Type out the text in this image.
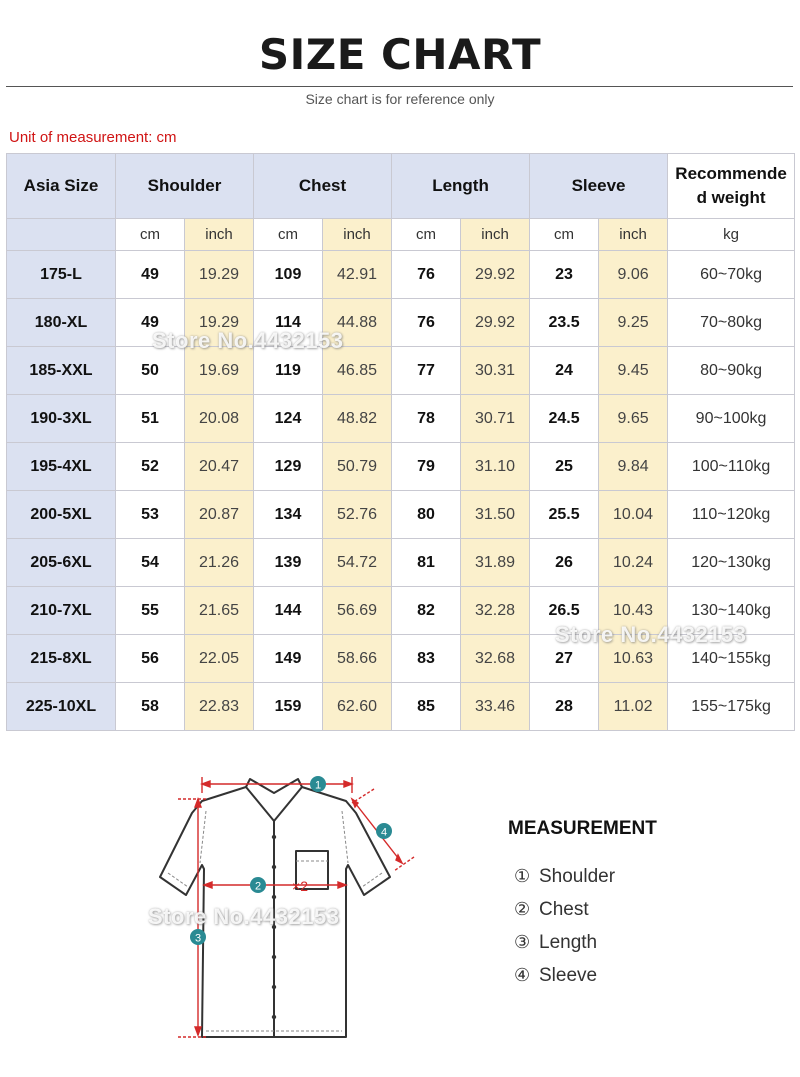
SIZE CHART
Size chart is for reference only
Unit of measurement: cm
Asia Size	Shoulder		Chest		Length		Sleeve		Recommende
d weight
	cm	inch	cm	inch	cm	inch	cm	inch	kg
175-L	49	19.29	109	42.91	76	29.92	23	9.06	60~70kg
180-XL	49	19.29	114	44.88	76	29.92	23.5	9.25	70~80kg
185-XXL	50	19.69	119	46.85	77	30.31	24	9.45	80~90kg
190-3XL	51	20.08	124	48.82	78	30.71	24.5	9.65	90~100kg
195-4XL	52	20.47	129	50.79	79	31.10	25	9.84	100~110kg
200-5XL	53	20.87	134	52.76	80	31.50	25.5	10.04	110~120kg
205-6XL	54	21.26	139	54.72	81	31.89	26	10.24	120~130kg
210-7XL	55	21.65	144	56.69	82	32.28	26.5	10.43	130~140kg
215-8XL	56	22.05	149	58.66	83	32.68	27	10.63	140~155kg
225-10XL	58	22.83	159	62.60	85	33.46	28	11.02	155~175kg
Store No.4432153
Store No.4432153
1
2 ×2
3
4
Store No.4432153
MEASUREMENT
① Shoulder
② Chest
③ Length
④ Sleeve
